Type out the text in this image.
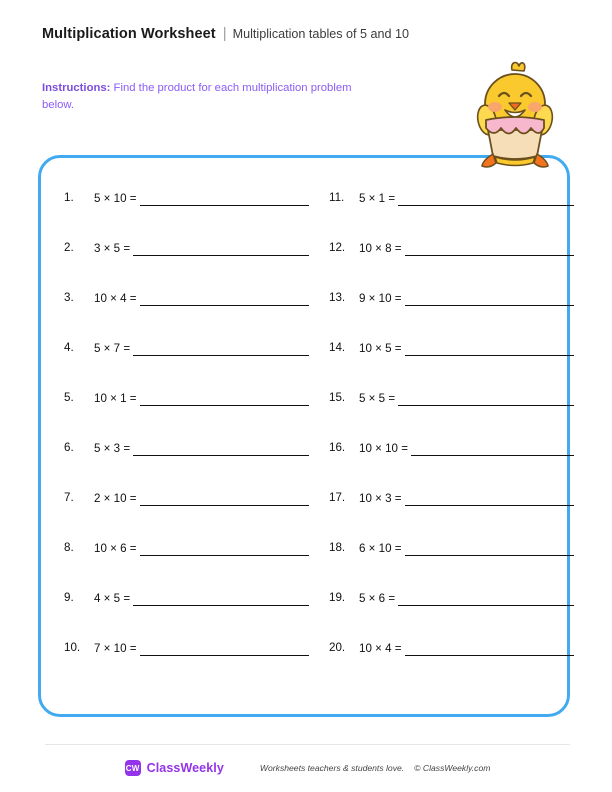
Multiplication Worksheet | Multiplication tables of 5 and 10
Instructions: Find the product for each multiplication problem below.
1.	5 × 10 =
2.	3 × 5 =
3.	10 × 4 =
4.	5 × 7 =
5.	10 × 1 =
6.	5 × 3 =
7.	2 × 10 =
8.	10 × 6 =
9.	4 × 5 =
10.	7 × 10 =
11.	5 × 1 =
12.	10 × 8 =
13.	9 × 10 =
14.	10 × 5 =
15.	5 × 5 =
16.	10 × 10 =
17.	10 × 3 =
18.	6 × 10 =
19.	5 × 6 =
20.	10 × 4 =
CW ClassWeekly	Worksheets teachers & students love. © ClassWeekly.com
